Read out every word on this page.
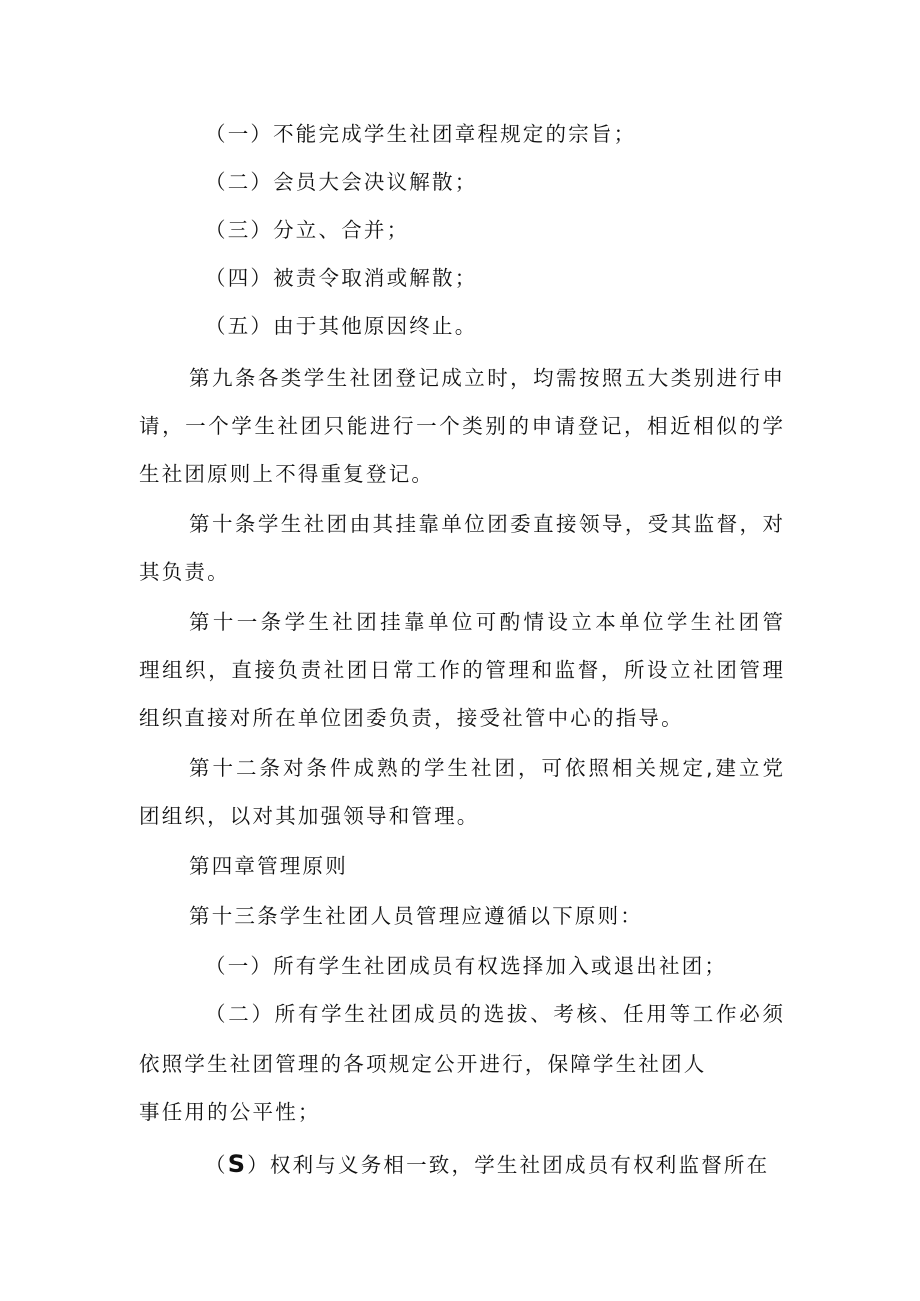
（一）不能完成学生社团章程规定的宗旨；
（二）会员大会决议解散；
（三）分立、合并；
（四）被责令取消或解散；
（五）由于其他原因终止。
第九条各类学生社团登记成立时，均需按照五大类别进行申
请，一个学生社团只能进行一个类别的申请登记，相近相似的学
生社团原则上不得重复登记。
第十条学生社团由其挂靠单位团委直接领导，受其监督，对
其负责。
第十一条学生社团挂靠单位可酌情设立本单位学生社团管
理组织，直接负责社团日常工作的管理和监督，所设立社团管理
组织直接对所在单位团委负责，接受社管中心的指导。
第十二条对条件成熟的学生社团，可依照相关规定,建立党
团组织，以对其加强领导和管理。
第四章管理原则
第十三条学生社团人员管理应遵循以下原则：
（一）所有学生社团成员有权选择加入或退出社团；
（二）所有学生社团成员的选拔、考核、任用等工作必须
依照学生社团管理的各项规定公开进行，保障学生社团人
事任用的公平性；
（S）权利与义务相一致，学生社团成员有权利监督所在
